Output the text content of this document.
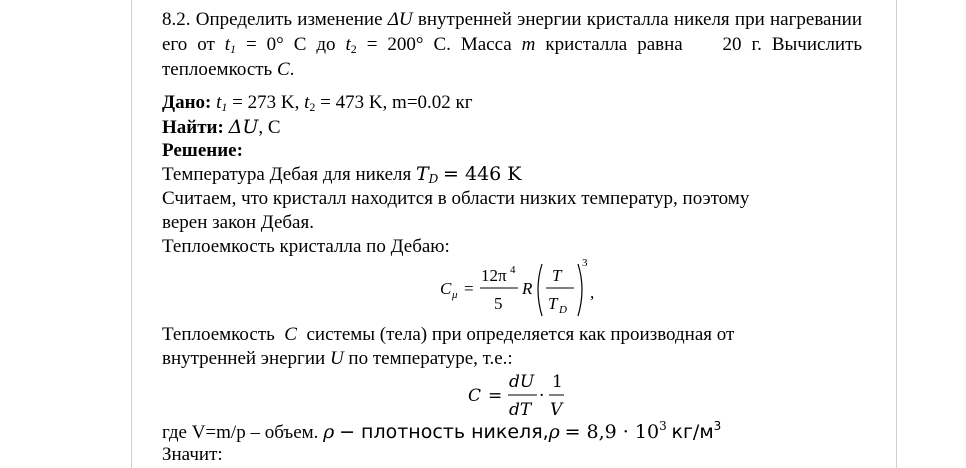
8.2. Определить изменение ΔU внутренней энергии кристалла никеля при нагревании его от $t_1 = 0^\circ$ С до $t_2 = 200^\circ$ С. Масса m кристалла равна 20 г. Вычислить теплоемкость C.
Дано: $t_1 = 273$ K, $t_2 = 473$ K, m=0.02 кг
Найти: ΔU, С
Решение:
Температура Дебая для никеля $T_D = 446$ K
Считаем, что кристалл находится в области низких температур, поэтому
верен закон Дебая.
Теплоемкость кристалла по Дебаю:
C μ =
12π 4
5
R
T
T D
3
,
Теплоемкость C системы (тела) при определяется как производная от
внутренней энергии U по температуре, т.е.:
C =
dU
dT
·
1
V
где V=m/p – объем. ρ − плотность никеля,ρ = $8,9 \cdot 10^3$ $кг/м^3$
Значит:
